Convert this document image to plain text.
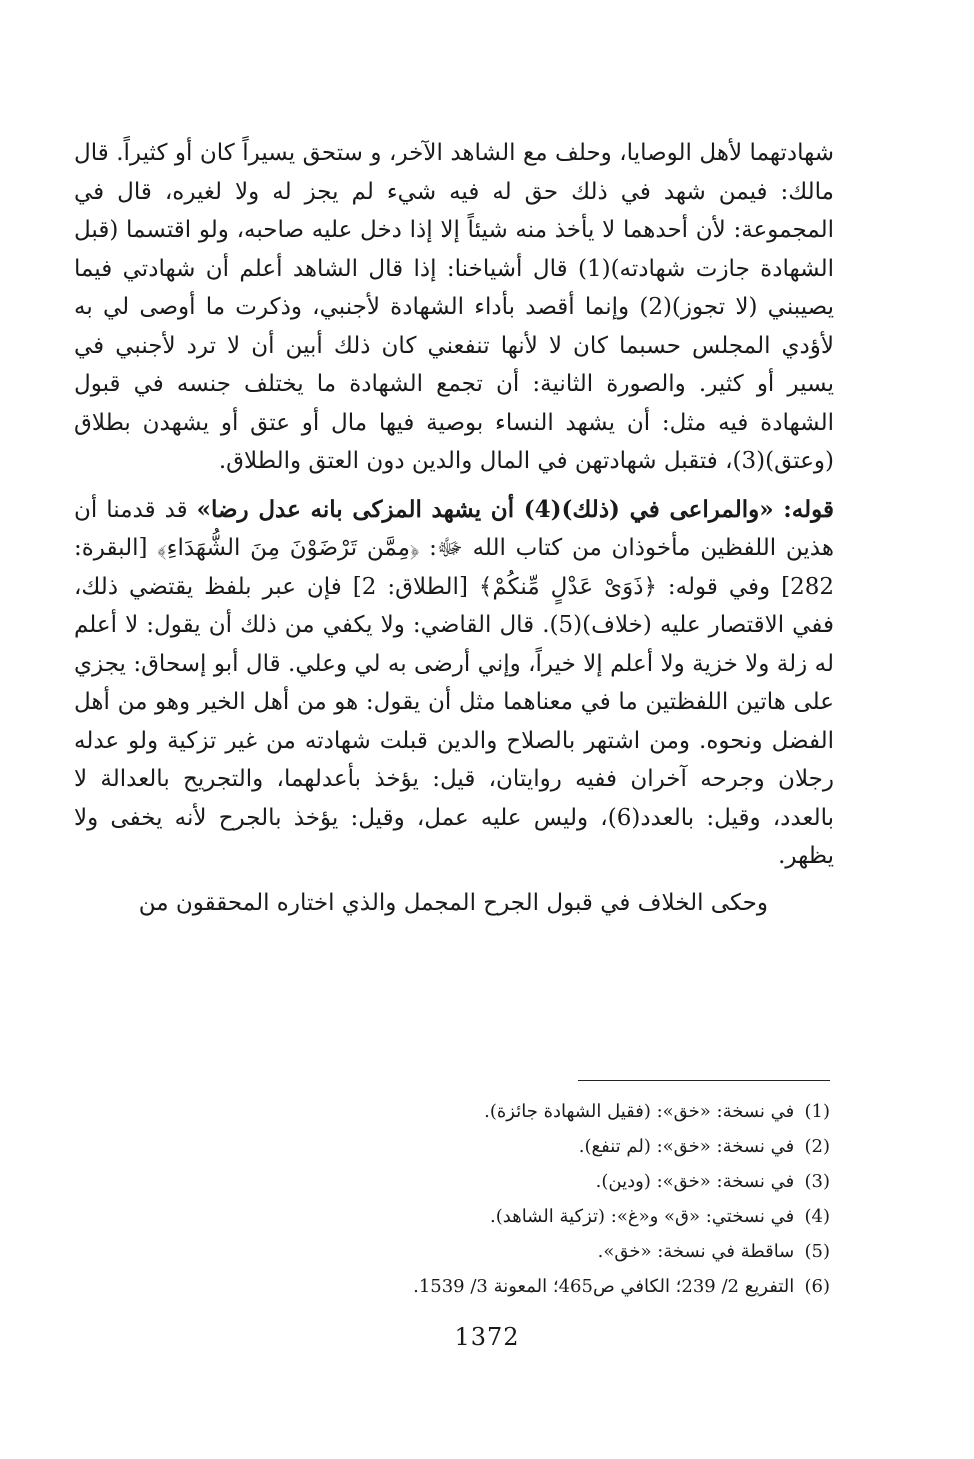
شهادتهما لأهل الوصايا، وحلف مع الشاهد الآخر، و ستحق يسيراً كان أو كثيراً. قال مالك: فيمن شهد في ذلك حق له فيه شيء لم يجز له ولا لغيره، قال في المجموعة: لأن أحدهما لا يأخذ منه شيئاً إلا إذا دخل عليه صاحبه، ولو اقتسما (قبل الشهادة جازت شهادته)(1) قال أشياخنا: إذا قال الشاهد أعلم أن شهادتي فيما يصيبني (لا تجوز)(2) وإنما أقصد بأداء الشهادة لأجنبي، وذكرت ما أوصى لي به لأؤدي المجلس حسبما كان لا لأنها تنفعني كان ذلك أبين أن لا ترد لأجنبي في يسير أو كثير. والصورة الثانية: أن تجمع الشهادة ما يختلف جنسه في قبول الشهادة فيه مثل: أن يشهد النساء بوصية فيها مال أو عتق أو يشهدن بطلاق (وعتق)(3)، فتقبل شهادتهن في المال والدين دون العتق والطلاق.

قوله: «والمراعى في (ذلك)(4) أن يشهد المزكى بانه عدل رضا» قد قدمنا أن هذين اللفظين مأخوذان من كتاب الله ﷻ: ﴿مِمَّن تَرْضَوْنَ مِنَ الشُّهَدَاءِ﴾ [البقرة: 282] وفي قوله: ﴿ذَوَىْ عَدْلٍ مِّنكُمْ﴾ [الطلاق: 2] فإن عبر بلفظ يقتضي ذلك، ففي الاقتصار عليه (خلاف)(5). قال القاضي: ولا يكفي من ذلك أن يقول: لا أعلم له زلة ولا خزية ولا أعلم إلا خيراً، وإني أرضى به لي وعلي. قال أبو إسحاق: يجزي على هاتين اللفظتين ما في معناهما مثل أن يقول: هو من أهل الخير وهو من أهل الفضل ونحوه. ومن اشتهر بالصلاح والدين قبلت شهادته من غير تزكية ولو عدله رجلان وجرحه آخران ففيه روايتان، قيل: يؤخذ بأعدلهما، والتجريح بالعدالة لا بالعدد، وقيل: بالعدد(6)، وليس عليه عمل، وقيل: يؤخذ بالجرح لأنه يخفى ولا يظهر.

وحكى الخلاف في قبول الجرح المجمل والذي اختاره المحققون من

(1) في نسخة: «خق»: (فقيل الشهادة جائزة).
(2) في نسخة: «خق»: (لم تنفع).
(3) في نسخة: «خق»: (ودين).
(4) في نسختي: «ق» و«غ»: (تزكية الشاهد).
(5) ساقطة في نسخة: «خق».
(6) التفريع 2/ 239؛ الكافي ص465؛ المعونة 3/ 1539.
1372
